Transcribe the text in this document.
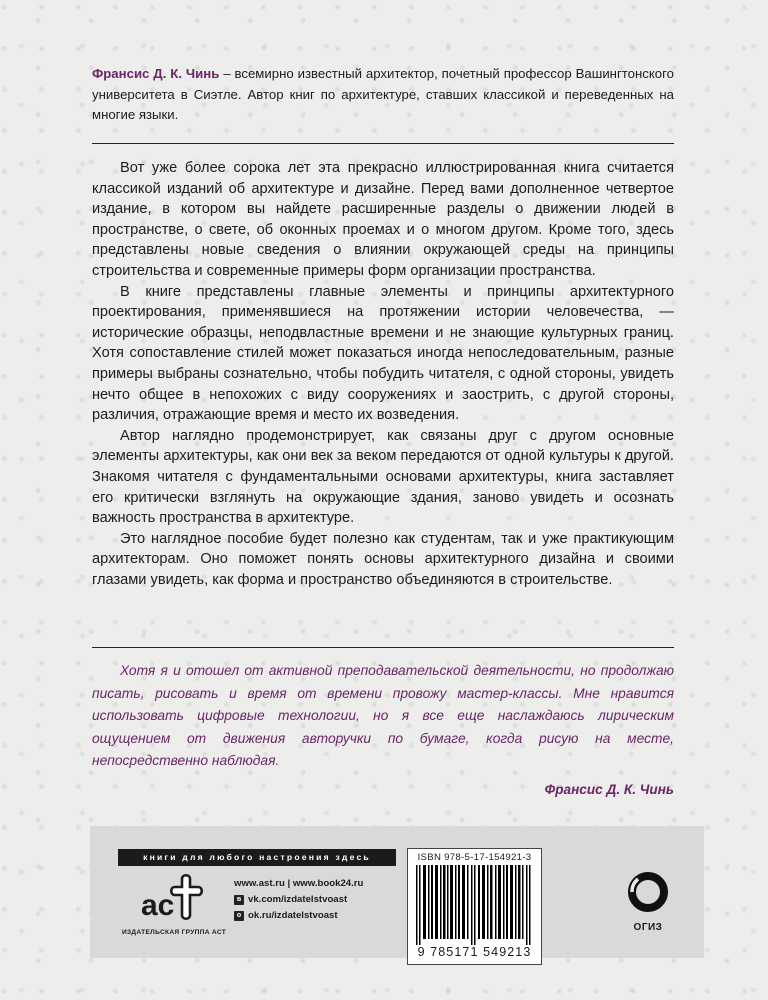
Франсис Д. К. Чинь – всемирно известный архитектор, почетный профессор Вашингтонского университета в Сиэтле. Автор книг по архитектуре, ставших классикой и переведенных на многие языки.

Вот уже более сорока лет эта прекрасно иллюстрированная книга считается классикой изданий об архитектуре и дизайне. Перед вами дополненное четвертое издание, в котором вы найдете расширенные разделы о движении людей в пространстве, о свете, об оконных проемах и о многом другом. Кроме того, здесь представлены новые сведения о влиянии окружающей среды на принципы строительства и современные примеры форм организации пространства.

В книге представлены главные элементы и принципы архитектурного проектирования, применявшиеся на протяжении истории человечества, — исторические образцы, неподвластные времени и не знающие культурных границ. Хотя сопоставление стилей может показаться иногда непоследовательным, разные примеры выбраны сознательно, чтобы побудить читателя, с одной стороны, увидеть нечто общее в непохожих с виду сооружениях и заострить, с другой стороны, различия, отражающие время и место их возведения.

Автор наглядно продемонстрирует, как связаны друг с другом основные элементы архитектуры, как они век за веком передаются от одной культуры к другой. Знакомя читателя с фундаментальными основами архитектуры, книга заставляет его критически взглянуть на окружающие здания, заново увидеть и осознать важность пространства в архитектуре.

Это наглядное пособие будет полезно как студентам, так и уже практикующим архитекторам. Оно поможет понять основы архитектурного дизайна и своими глазами увидеть, как форма и пространство объединяются в строительстве.

Хотя я и отошел от активной преподавательской деятельности, но продолжаю писать, рисовать и время от времени провожу мастер-классы. Мне нравится использовать цифровые технологии, но я все еще наслаждаюсь лирическим ощущением от движения авторучки по бумаге, когда рисую на месте, непосредственно наблюдая.
Франсис Д. К. Чинь
книги для любого настроения здесь
ac
ИЗДАТЕЛЬСКАЯ ГРУППА АСТ
www.ast.ru | www.book24.ru
в vk.com/izdatelstvoast
о ok.ru/izdatelstvoast
ISBN 978-5-17-154921-3
9 785171 549213
ОГИЗ
